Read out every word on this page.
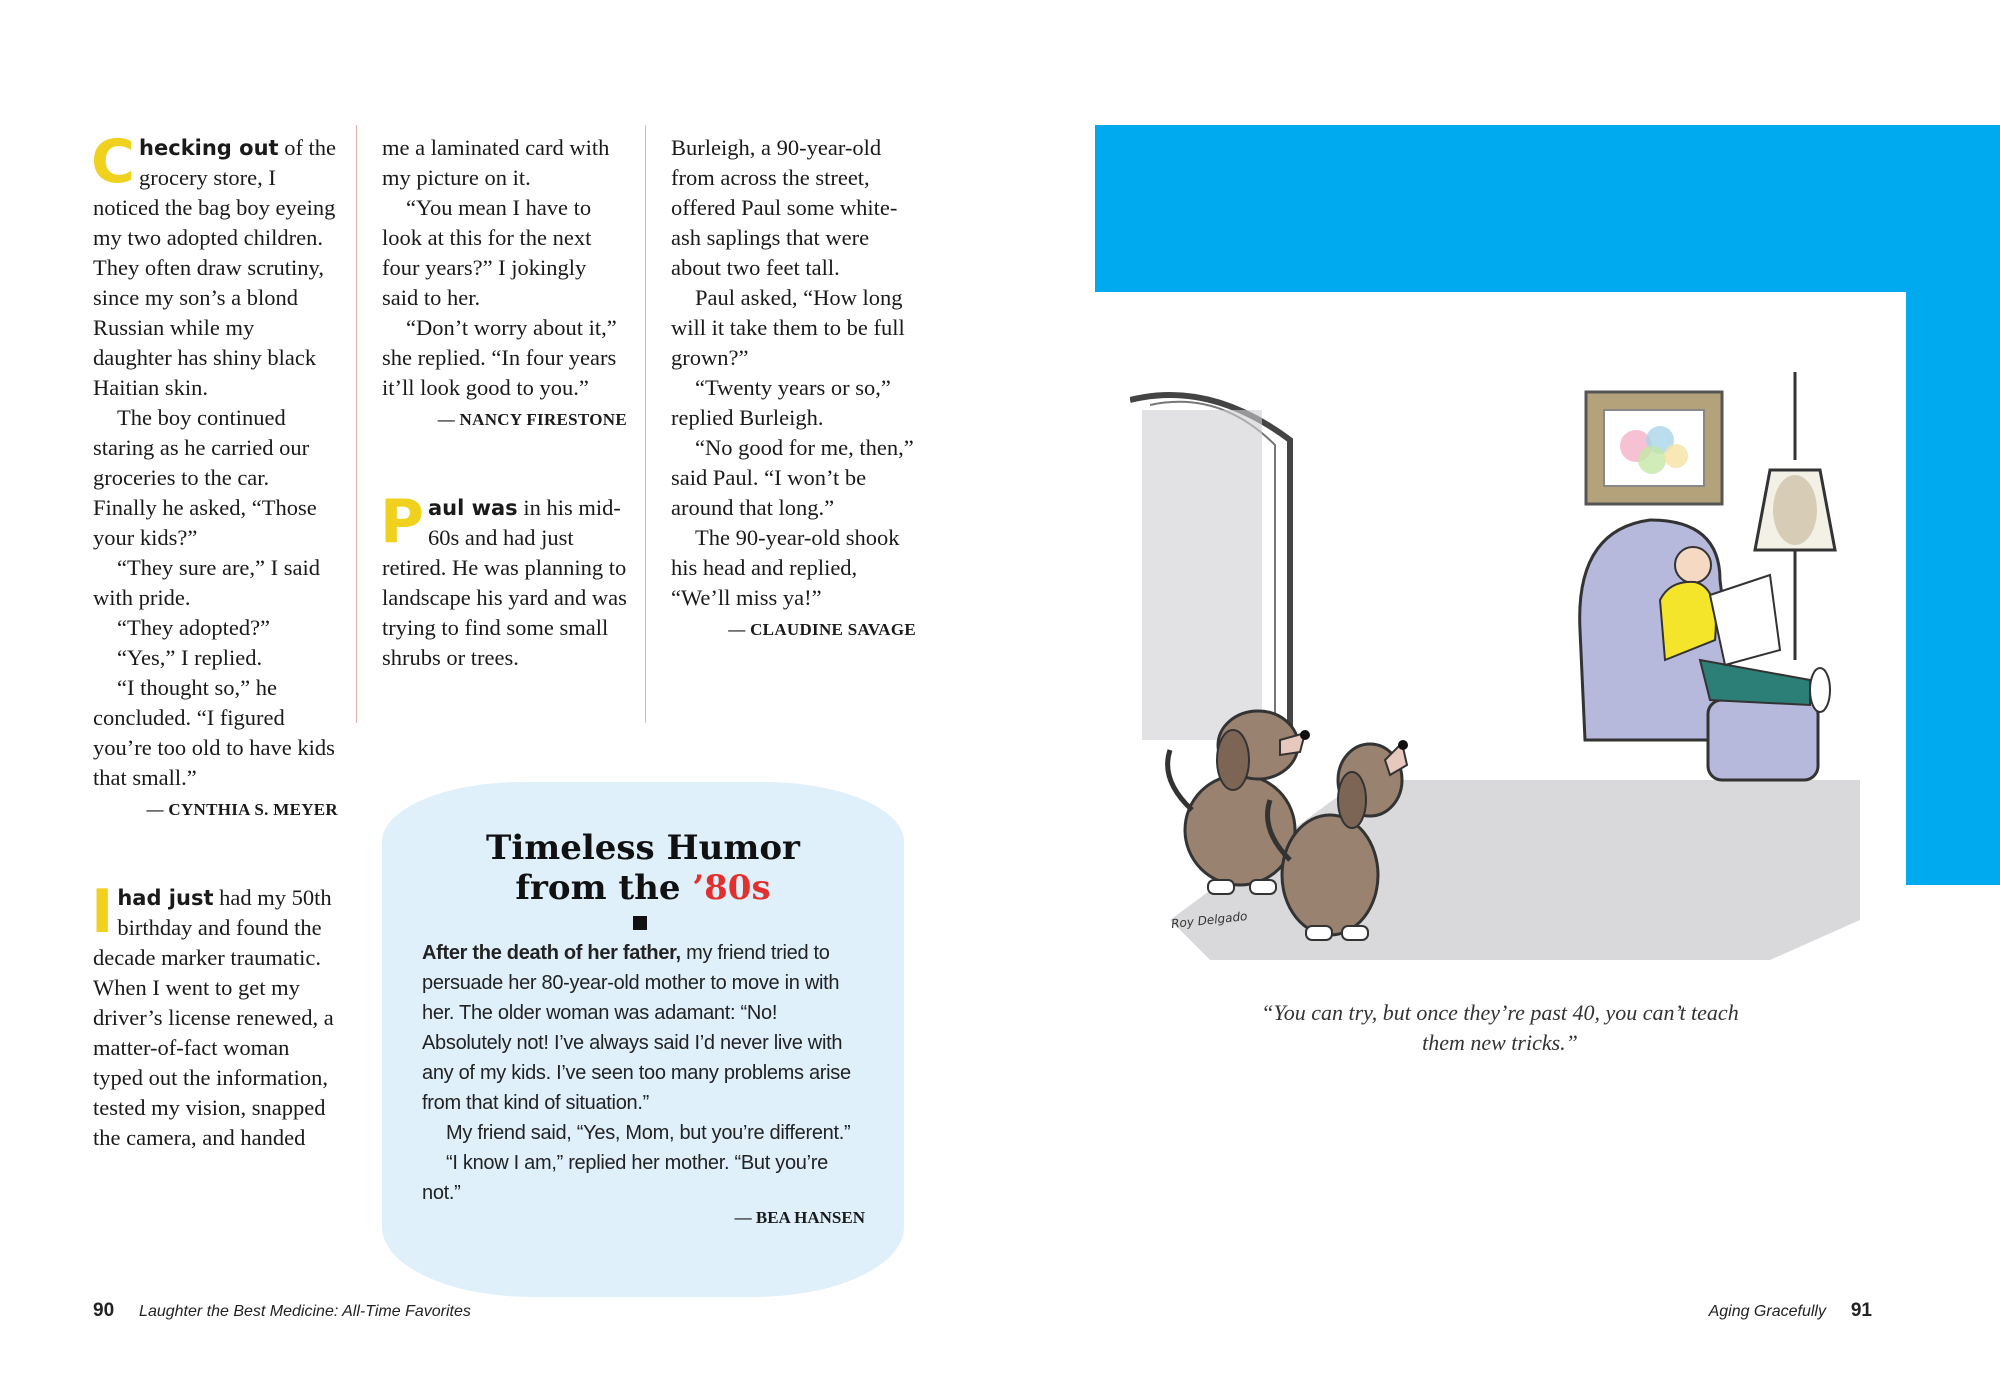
Checking out of the grocery store, I noticed the bag boy eyeing my two adopted children. They often draw scrutiny, since my son’s a blond Russian while my daughter has shiny black Haitian skin.

The boy continued staring as he carried our groceries to the car. Finally he asked, “Those your kids?”

“They sure are,” I said with pride.

“They adopted?”

“Yes,” I replied.

“I thought so,” he concluded. “I figured you’re too old to have kids that small.”

— CYNTHIA S. MEYER

Ihad just had my 50th birthday and found the decade marker traumatic. When I went to get my driver’s license renewed, a matter-of-fact woman typed out the information, tested my vision, snapped the camera, and handed

me a laminated card with my picture on it.

“You mean I have to look at this for the next four years?” I jokingly said to her.

“Don’t worry about it,” she replied. “In four years it’ll look good to you.”

— NANCY FIRESTONE

Paul was in his mid-60s and had just retired. He was planning to landscape his yard and was trying to find some small shrubs or trees.

Burleigh, a 90-year-old from across the street, offered Paul some white-ash saplings that were about two feet tall.

Paul asked, “How long will it take them to be full grown?”

“Twenty years or so,” replied Burleigh.

“No good for me, then,” said Paul. “I won’t be around that long.”

The 90-year-old shook his head and replied, “We’ll miss ya!”

— CLAUDINE SAVAGE

Timeless Humor
from the ’80s

After the death of her father, my friend tried to persuade her 80-year-old mother to move in with her. The older woman was adamant: “No! Absolutely not! I’ve always said I’d never live with any of my kids. I’ve seen too many problems arise from that kind of situation.”

My friend said, “Yes, Mom, but you’re different.”

“I know I am,” replied her mother. “But you’re not.”

— BEA HANSEN
Roy Delgado
“You can try, but once they’re past 40, you can’t teach them new tricks.”
90 Laughter the Best Medicine: All-Time Favorites	Aging Gracefully 91
